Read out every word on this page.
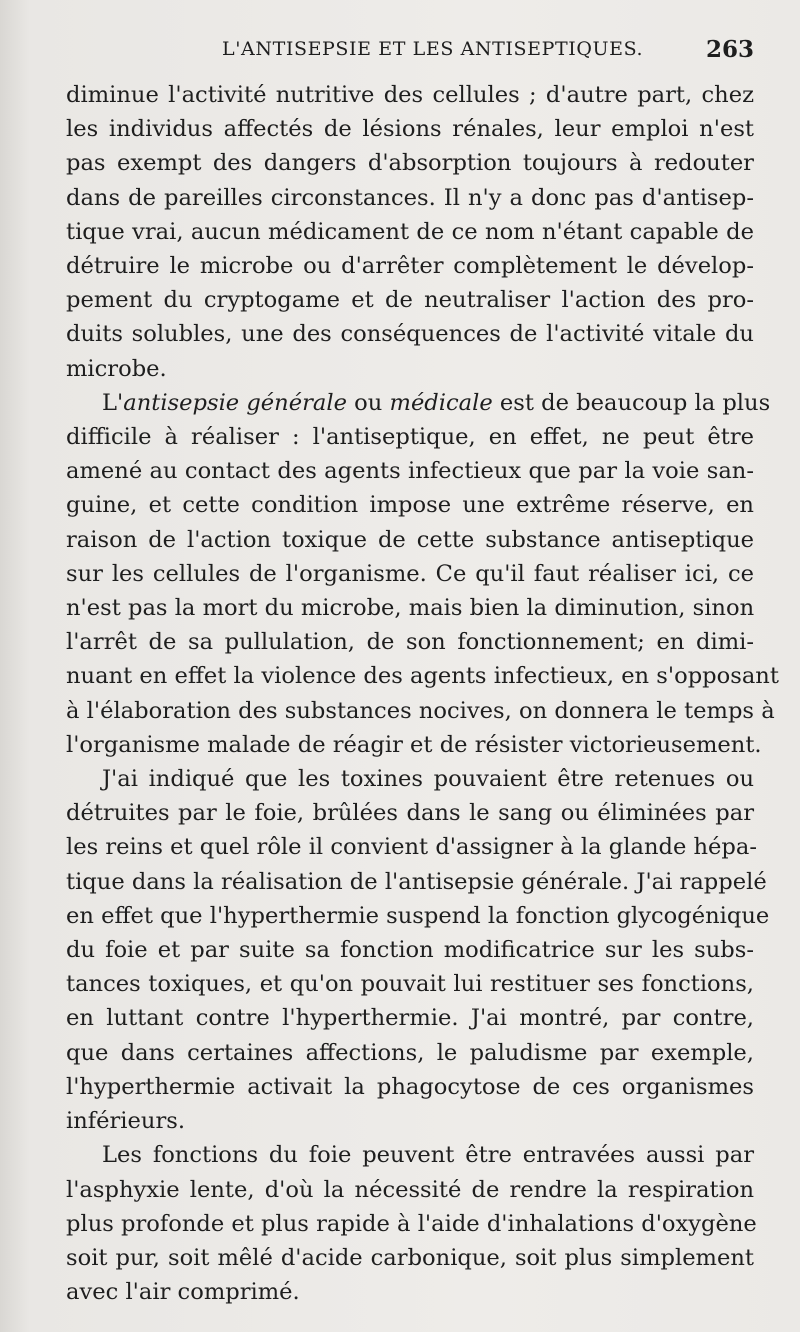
L'ANTISEPSIE ET LES ANTISEPTIQUES.	263
diminue l'activité nutritive des cellules ; d'autre part, chez
les individus affectés de lésions rénales, leur emploi n'est
pas exempt des dangers d'absorption toujours à redouter
dans de pareilles circonstances. Il n'y a donc pas d'antisep-
tique vrai, aucun médicament de ce nom n'étant capable de
détruire le microbe ou d'arrêter complètement le dévelop-
pement du cryptogame et de neutraliser l'action des pro-
duits solubles, une des conséquences de l'activité vitale du
microbe.
L'antisepsie générale ou médicale est de beaucoup la plus
difficile à réaliser : l'antiseptique, en effet, ne peut être
amené au contact des agents infectieux que par la voie san-
guine, et cette condition impose une extrême réserve, en
raison de l'action toxique de cette substance antiseptique
sur les cellules de l'organisme. Ce qu'il faut réaliser ici, ce
n'est pas la mort du microbe, mais bien la diminution, sinon
l'arrêt de sa pullulation, de son fonctionnement; en dimi-
nuant en effet la violence des agents infectieux, en s'opposant
à l'élaboration des substances nocives, on donnera le temps à
l'organisme malade de réagir et de résister victorieusement.
J'ai indiqué que les toxines pouvaient être retenues ou
détruites par le foie, brûlées dans le sang ou éliminées par
les reins et quel rôle il convient d'assigner à la glande hépa-
tique dans la réalisation de l'antisepsie générale. J'ai rappelé
en effet que l'hyperthermie suspend la fonction glycogénique
du foie et par suite sa fonction modificatrice sur les subs-
tances toxiques, et qu'on pouvait lui restituer ses fonctions,
en luttant contre l'hyperthermie. J'ai montré, par contre,
que dans certaines affections, le paludisme par exemple,
l'hyperthermie activait la phagocytose de ces organismes
inférieurs.
Les fonctions du foie peuvent être entravées aussi par
l'asphyxie lente, d'où la nécessité de rendre la respiration
plus profonde et plus rapide à l'aide d'inhalations d'oxygène
soit pur, soit mêlé d'acide carbonique, soit plus simplement
avec l'air comprimé.
